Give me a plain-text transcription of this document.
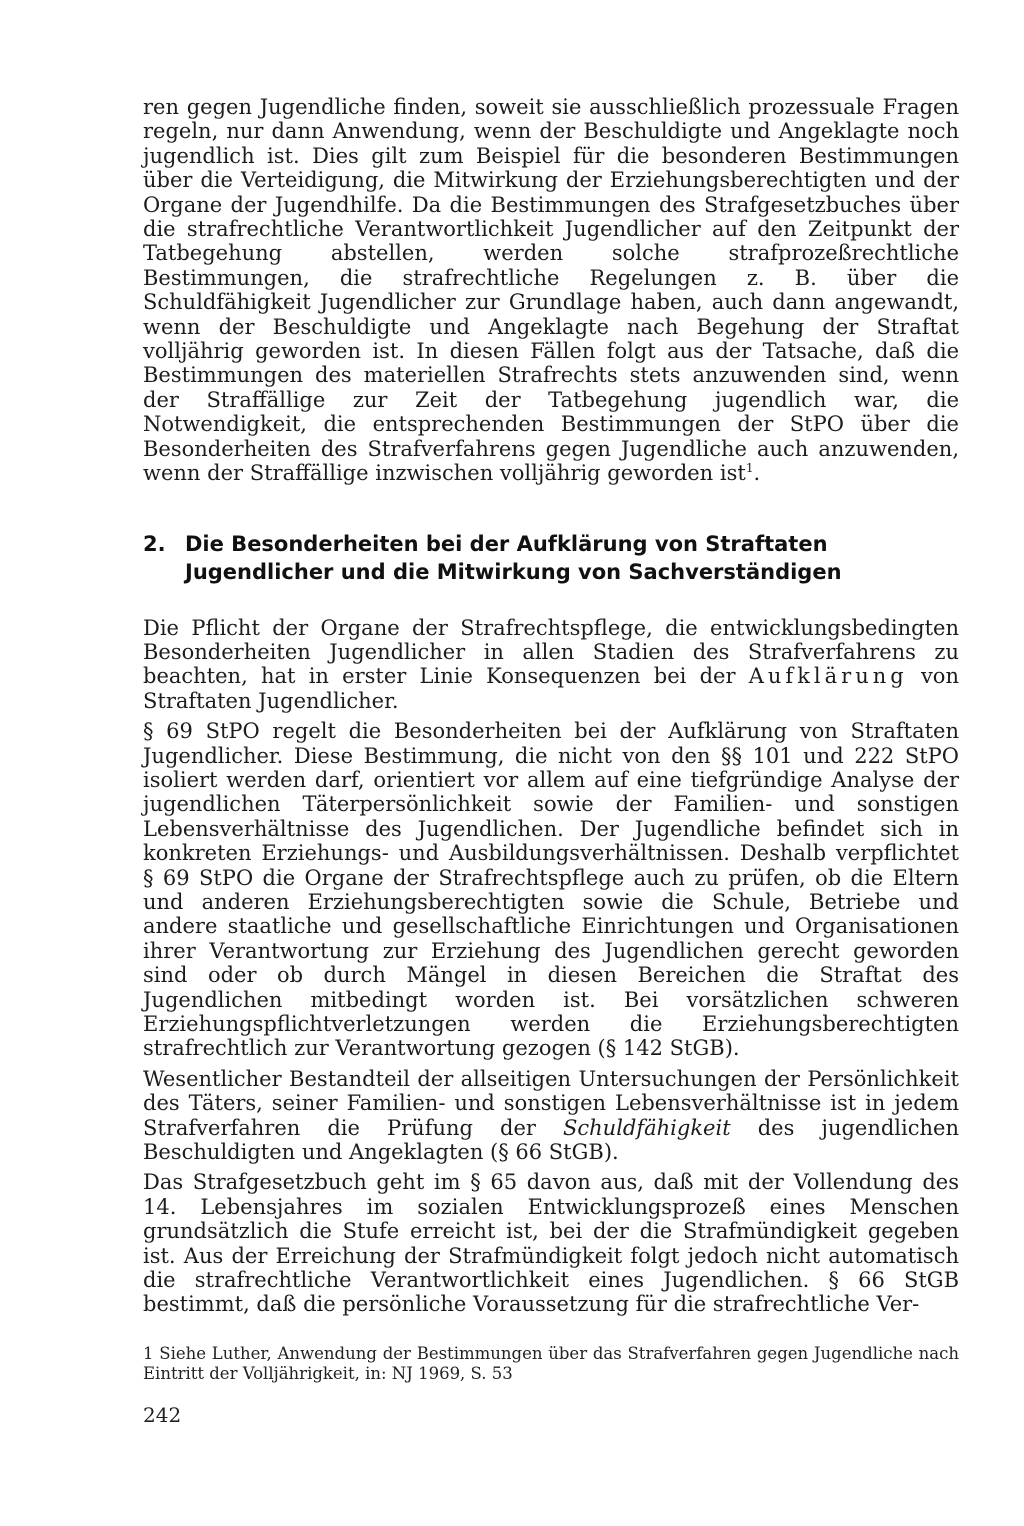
ren gegen Jugendliche finden, soweit sie ausschließlich prozessuale Fragen regeln, nur dann Anwendung, wenn der Beschuldigte und Angeklagte noch jugendlich ist. Dies gilt zum Beispiel für die besonderen Bestimmungen über die Verteidigung, die Mitwirkung der Erziehungsberechtigten und der Organe der Jugendhilfe. Da die Bestimmungen des Strafgesetzbuches über die strafrechtliche Verantwortlichkeit Jugendlicher auf den Zeitpunkt der Tatbegehung abstellen, werden solche strafprozeßrechtliche Bestimmungen, die strafrechtliche Regelungen z. B. über die Schuldfähigkeit Jugendlicher zur Grundlage haben, auch dann angewandt, wenn der Beschuldigte und Angeklagte nach Begehung der Straftat volljährig geworden ist. In diesen Fällen folgt aus der Tatsache, daß die Bestimmungen des materiellen Strafrechts stets anzuwenden sind, wenn der Straffällige zur Zeit der Tatbegehung jugendlich war, die Notwendigkeit, die entsprechenden Bestimmungen der StPO über die Besonderheiten des Strafverfahrens gegen Jugendliche auch anzuwenden, wenn der Straffällige inzwischen volljährig geworden ist$^1$.

2. Die Besonderheiten bei der Aufklärung von Straftaten Jugendlicher und die Mitwirkung von Sachverständigen

Die Pflicht der Organe der Strafrechtspflege, die entwicklungsbedingten Besonderheiten Jugendlicher in allen Stadien des Strafverfahrens zu beachten, hat in erster Linie Konsequenzen bei der Aufklärung von Straftaten Jugendlicher.

§ 69 StPO regelt die Besonderheiten bei der Aufklärung von Straftaten Jugendlicher. Diese Bestimmung, die nicht von den §§ 101 und 222 StPO isoliert werden darf, orientiert vor allem auf eine tiefgründige Analyse der jugendlichen Täterpersönlichkeit sowie der Familien- und sonstigen Lebensverhältnisse des Jugendlichen. Der Jugendliche befindet sich in konkreten Erziehungs- und Ausbildungsverhältnissen. Deshalb verpflichtet § 69 StPO die Organe der Strafrechtspflege auch zu prüfen, ob die Eltern und anderen Erziehungsberechtigten sowie die Schule, Betriebe und andere staatliche und gesellschaftliche Einrichtungen und Organisationen ihrer Verantwortung zur Erziehung des Jugendlichen gerecht geworden sind oder ob durch Mängel in diesen Bereichen die Straftat des Jugendlichen mitbedingt worden ist. Bei vorsätzlichen schweren Erziehungspflichtverletzungen werden die Erziehungsberechtigten strafrechtlich zur Verantwortung gezogen (§ 142 StGB).

Wesentlicher Bestandteil der allseitigen Untersuchungen der Persönlichkeit des Täters, seiner Familien- und sonstigen Lebensverhältnisse ist in jedem Strafverfahren die Prüfung der Schuldfähigkeit des jugendlichen Beschuldigten und Angeklagten (§ 66 StGB).

Das Strafgesetzbuch geht im § 65 davon aus, daß mit der Vollendung des 14. Lebensjahres im sozialen Entwicklungsprozeß eines Menschen grundsätzlich die Stufe erreicht ist, bei der die Strafmündigkeit gegeben ist. Aus der Erreichung der Strafmündigkeit folgt jedoch nicht automatisch die strafrechtliche Verantwortlichkeit eines Jugendlichen. § 66 StGB bestimmt, daß die persönliche Voraussetzung für die strafrechtliche Ver-

1 Siehe Luther, Anwendung der Bestimmungen über das Strafverfahren gegen Jugendliche nach Eintritt der Volljährigkeit, in: NJ 1969, S. 53

242
